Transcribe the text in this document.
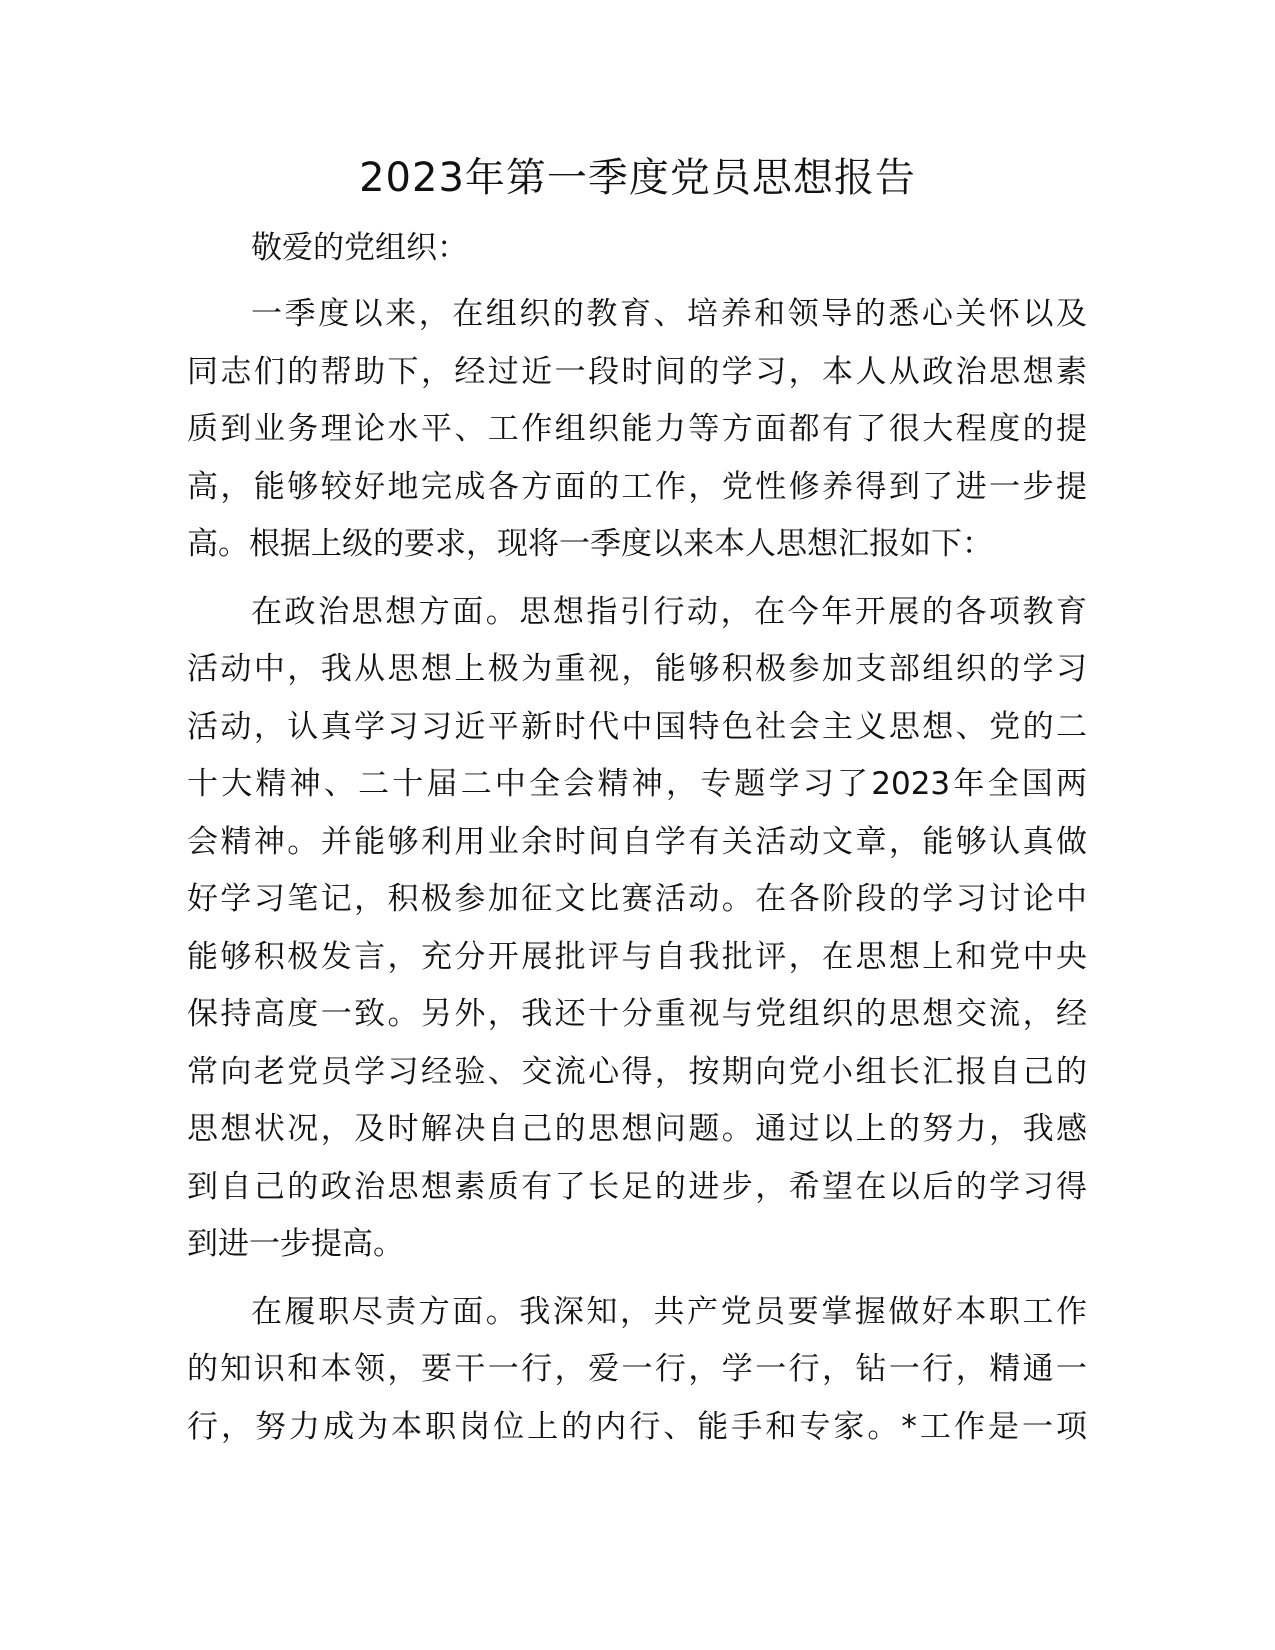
2023年第一季度党员思想报告

敬爱的党组织：

一季度以来，在组织的教育、培养和领导的悉心关怀以及
同志们的帮助下，经过近一段时间的学习，本人从政治思想素
质到业务理论水平、工作组织能力等方面都有了很大程度的提
高，能够较好地完成各方面的工作，党性修养得到了进一步提
高。根据上级的要求，现将一季度以来本人思想汇报如下：
在政治思想方面。思想指引行动，在今年开展的各项教育
活动中，我从思想上极为重视，能够积极参加支部组织的学习
活动，认真学习习近平新时代中国特色社会主义思想、党的二
十大精神、二十届二中全会精神，专题学习了2023年全国两
会精神。并能够利用业余时间自学有关活动文章，能够认真做
好学习笔记，积极参加征文比赛活动。在各阶段的学习讨论中
能够积极发言，充分开展批评与自我批评，在思想上和党中央
保持高度一致。另外，我还十分重视与党组织的思想交流，经
常向老党员学习经验、交流心得，按期向党小组长汇报自己的
思想状况，及时解决自己的思想问题。通过以上的努力，我感
到自己的政治思想素质有了长足的进步，希望在以后的学习得
到进一步提高。
在履职尽责方面。我深知，共产党员要掌握做好本职工作
的知识和本领，要干一行，爱一行，学一行，钻一行，精通一
行，努力成为本职岗位上的内行、能手和专家。*工作是一项
